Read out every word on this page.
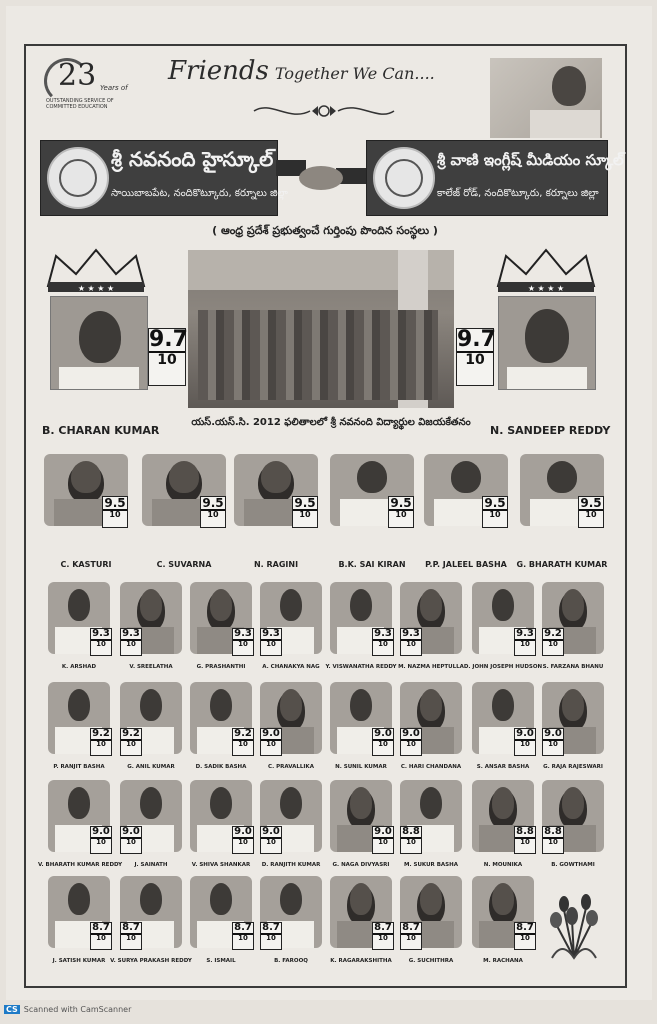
23 Years of
OUTSTANDING SERVICE OF COMMITTED EDUCATION
Friends Together We Can....
శ్రీ నవనంది హైస్కూల్
సాయిబాబపేట, నందికొట్కూరు, కర్నూలు జిల్లా
శ్రీ వాణి ఇంగ్లీష్ మీడియం స్కూల్
కాలేజ్ రోడ్, నందికొట్కూరు, కర్నూలు జిల్లా
( ఆంధ్ర ప్రదేశ్ ప్రభుత్వంచే గుర్తింపు పొందిన సంస్థలు )
★ ★ ★ ★
9.7
10
B. CHARAN KUMAR
★ ★ ★ ★
9.7
10
N. SANDEEP REDDY
యస్.యస్.సి. 2012 ఫలితాలలో శ్రీ నవనంది విద్యార్థుల విజయకేతనం
9.5
10
C. KASTURI
9.5
10
C. SUVARNA
9.5
10
N. RAGINI
9.5
10
B.K. SAI KIRAN
9.5
10
P.P. JALEEL BASHA
9.5
10
G. BHARATH KUMAR
9.3
10
K. ARSHAD
9.3
10
V. SREELATHA
9.3
10
G. PRASHANTHI
9.3
10
A. CHANAKYA NAG
9.3
10
Y. VISWANATHA REDDY
9.3
10
M. NAZMA HEPTULLA
9.3
10
D. JOHN JOSEPH HUDSON
9.2
10
S. FARZANA BHANU
9.2
10
P. RANJIT BASHA
9.2
10
G. ANIL KUMAR
9.2
10
D. SADIK BASHA
9.0
10
C. PRAVALLIKA
9.0
10
N. SUNIL KUMAR
9.0
10
C. HARI CHANDANA
9.0
10
S. ANSAR BASHA
9.0
10
G. RAJA RAJESWARI
9.0
10
V. BHARATH KUMAR REDDY
9.0
10
J. SAINATH
9.0
10
V. SHIVA SHANKAR
9.0
10
D. RANJITH KUMAR
9.0
10
G. NAGA DIVYASRI
8.8
10
M. SUKUR BASHA
8.8
10
N. MOUNIKA
8.8
10
B. GOWTHAMI
8.7
10
J. SATISH KUMAR
8.7
10
V. SURYA PRAKASH REDDY
8.7
10
S. ISMAIL
8.7
10
B. FAROOQ
8.7
10
K. RAGARAKSHITHA
8.7
10
G. SUCHITHRA
8.7
10
M. RACHANA
CS Scanned with CamScanner
